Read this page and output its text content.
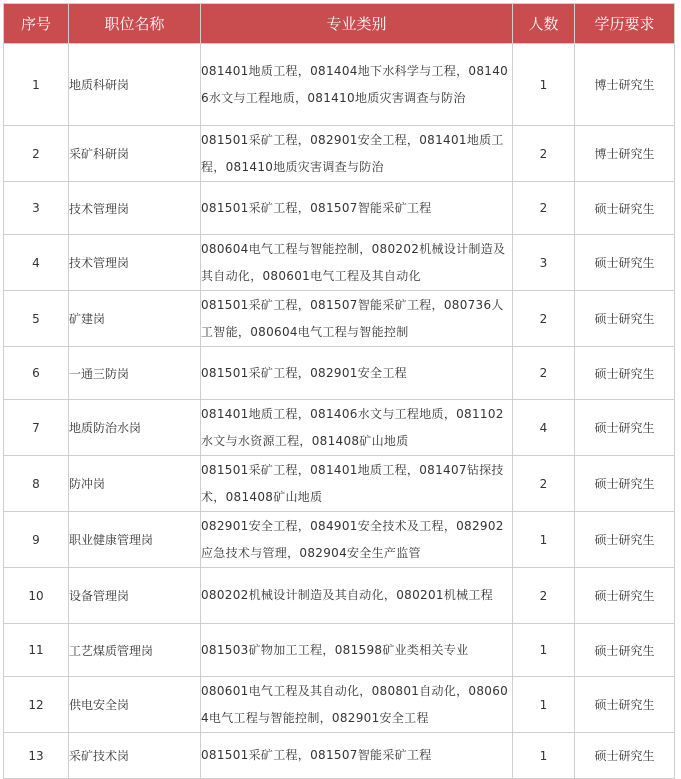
序号	职位名称	专业类别	人数	学历要求
1	地质科研岗	081401地质工程，081404地下水科学与工程，081406水文与工程地质，081410地质灾害调查与防治	1	博士研究生
2	采矿科研岗	081501采矿工程，082901安全工程，081401地质工程，081410地质灾害调查与防治	2	博士研究生
3	技术管理岗	081501采矿工程，081507智能采矿工程	2	硕士研究生
4	技术管理岗	080604电气工程与智能控制，080202机械设计制造及其自动化，080601电气工程及其自动化	3	硕士研究生
5	矿建岗	081501采矿工程，081507智能采矿工程，080736人工智能，080604电气工程与智能控制	2	硕士研究生
6	一通三防岗	081501采矿工程，082901安全工程	2	硕士研究生
7	地质防治水岗	081401地质工程，081406水文与工程地质，081102水文与水资源工程，081408矿山地质	4	硕士研究生
8	防冲岗	081501采矿工程，081401地质工程，081407钻探技术，081408矿山地质	2	硕士研究生
9	职业健康管理岗	082901安全工程，084901安全技术及工程，082902应急技术与管理，082904安全生产监管	1	硕士研究生
10	设备管理岗	080202机械设计制造及其自动化，080201机械工程	2	硕士研究生
11	工艺煤质管理岗	081503矿物加工工程，081598矿业类相关专业	1	硕士研究生
12	供电安全岗	080601电气工程及其自动化，080801自动化，080604电气工程与智能控制，082901安全工程	1	硕士研究生
13	采矿技术岗	081501采矿工程，081507智能采矿工程	1	硕士研究生
